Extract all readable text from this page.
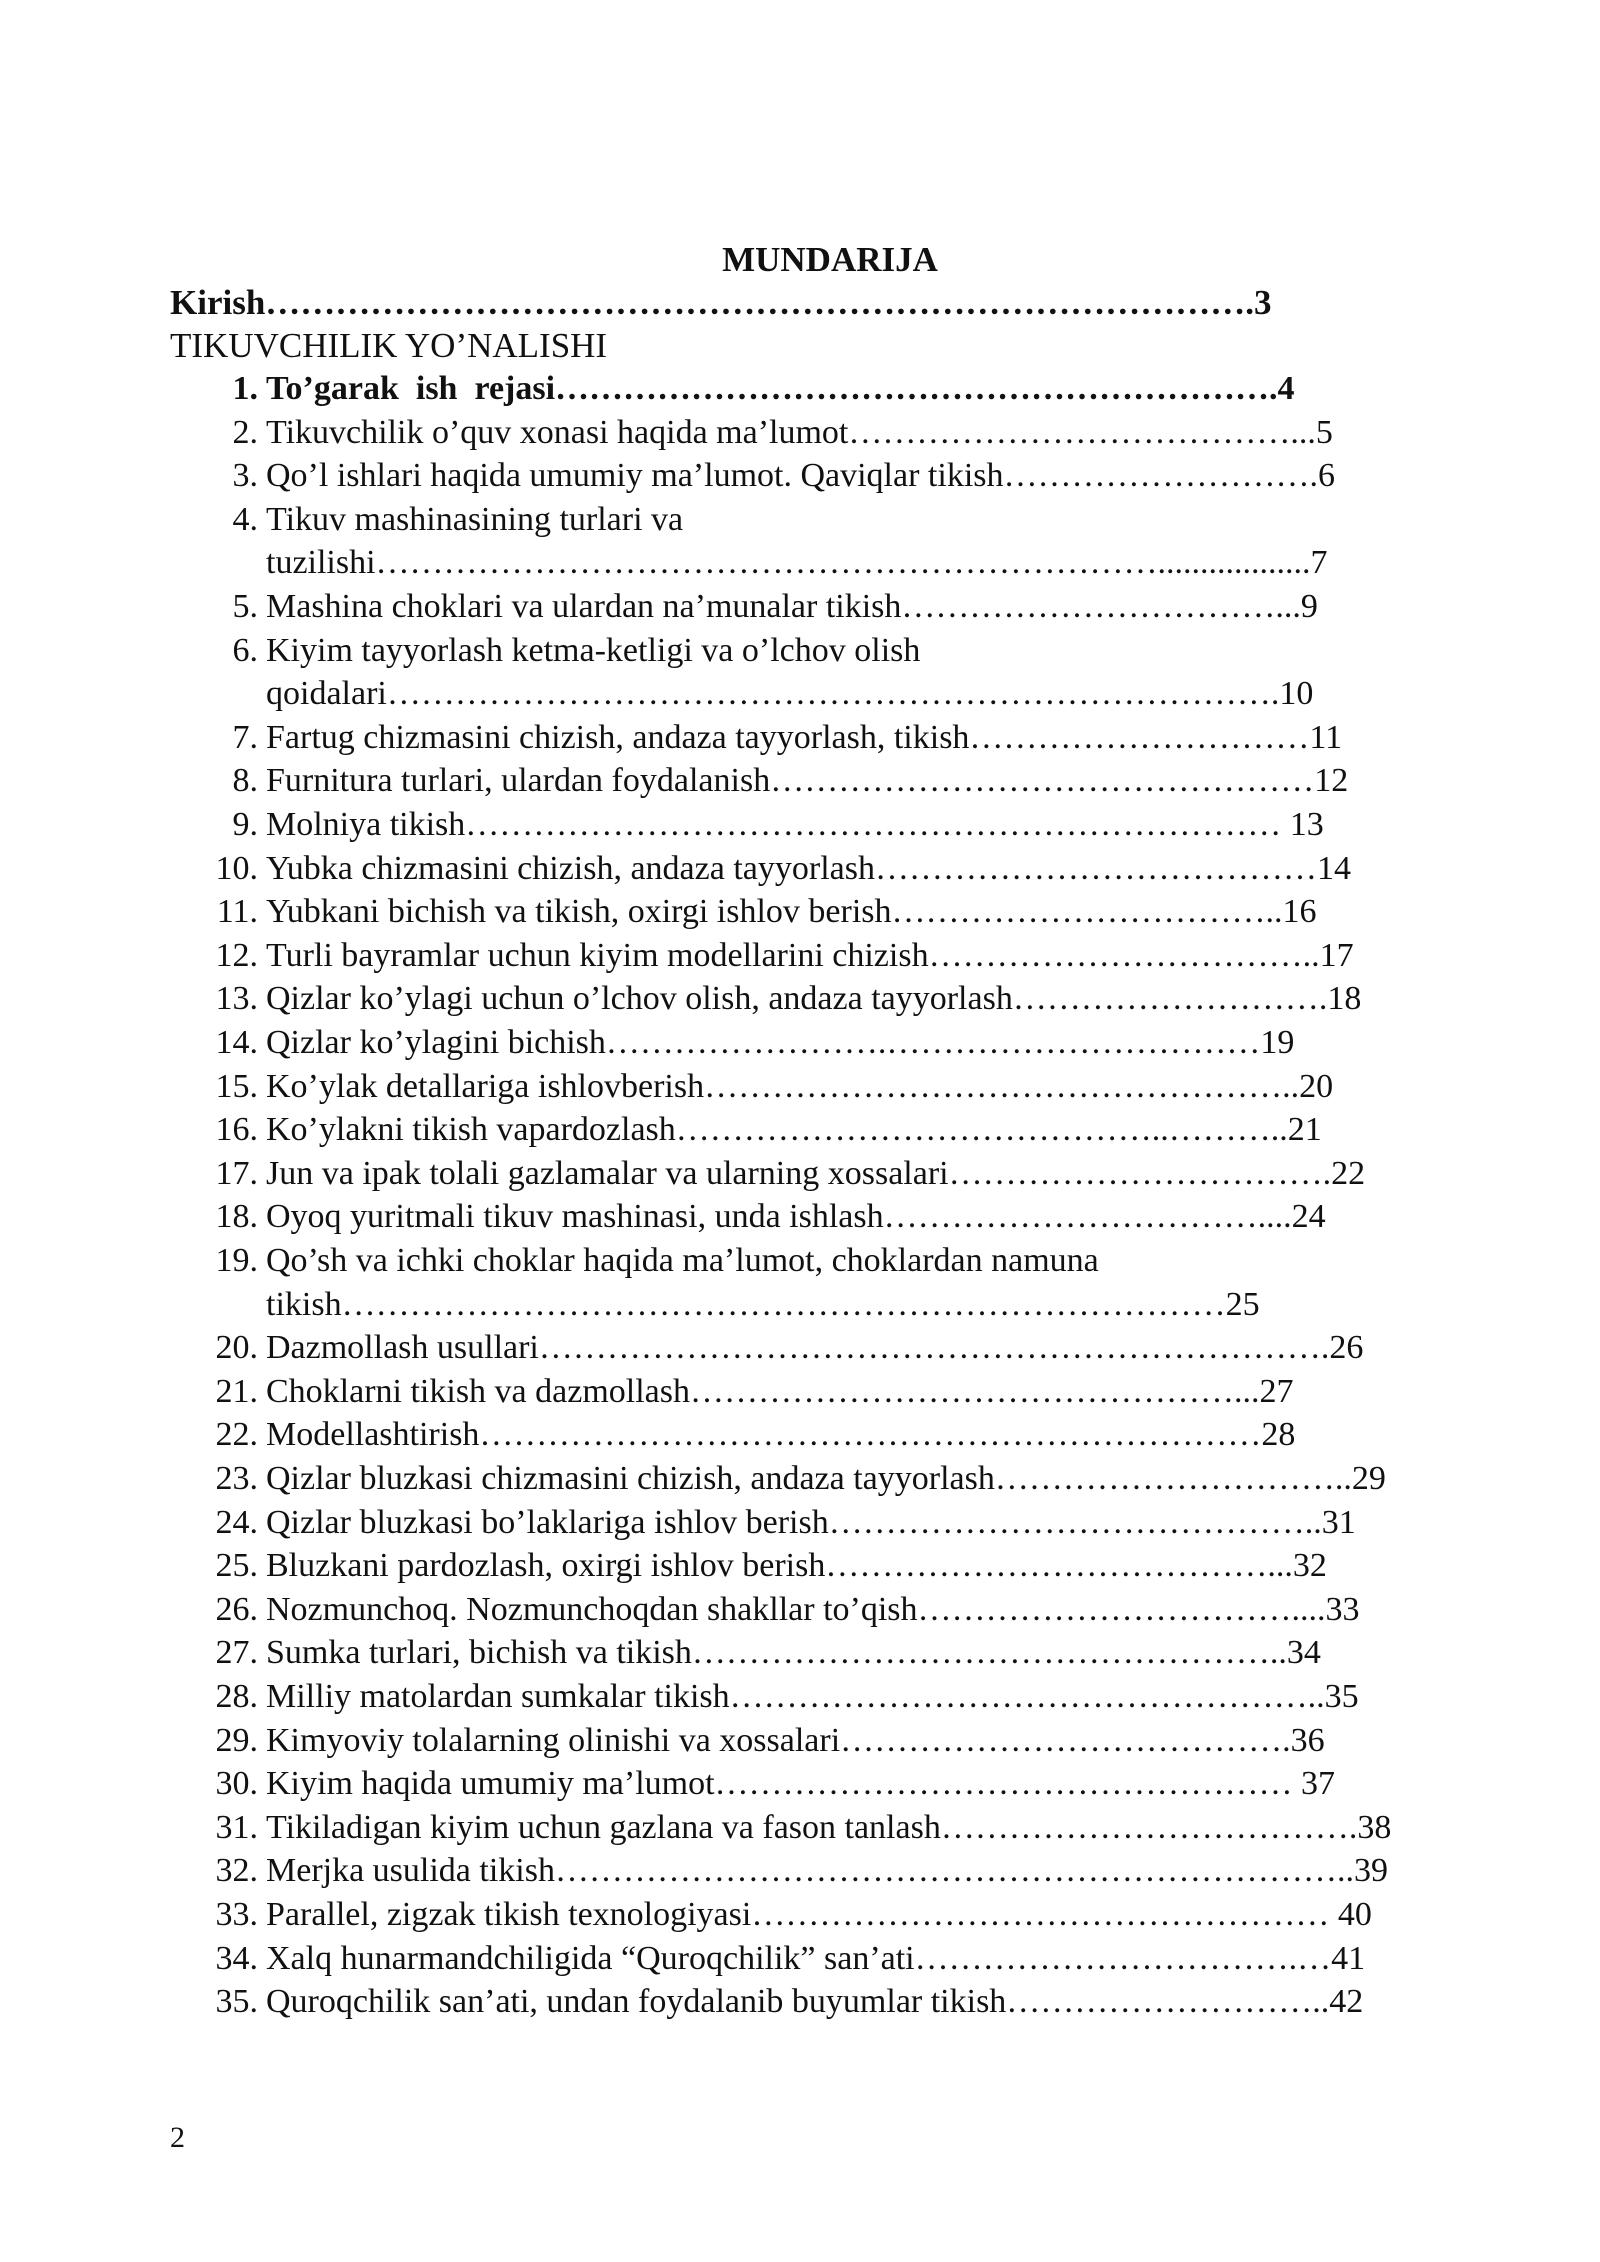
MUNDARIJA
Kirish………………………………………………………………………….3
TIKUVCHILIK YO’NALISHI
1. To’garak  ish  rejasi……………………………………………………….4
2. Tikuvchilik o’quv xonasi haqida ma’lumot…………………………………...5
3. Qo’l ishlari haqida umumiy ma’lumot. Qaviqlar tikish……………………….6
4. Tikuv mashinasining turlari va
tuzilishi……………………………………………………………..................7
5. Mashina choklari va ulardan na’munalar tikish……………………………...9
6. Kiyim tayyorlash ketma-ketligi va o’lchov olish
qoidalari…………………………………………………………………….10
7. Fartug chizmasini chizish, andaza tayyorlash, tikish…………………………11
8. Furnitura turlari, ulardan foydalanish…………………………………………12
9. Molniya tikish……………………………………………………………… 13
10. Yubka chizmasini chizish, andaza tayyorlash…………………………………14
11. Yubkani bichish va tikish, oxirgi ishlov berish……………………………..16
12. Turli bayramlar uchun kiyim modellarini chizish……………………………..17
13. Qizlar ko’ylagi uchun o’lchov olish, andaza tayyorlash……………………….18
14. Qizlar ko’ylagini bichish…………………….……………………………19
15. Ko’ylak detallariga ishlovberish……………………………………………..20
16. Ko’ylakni tikish vapardozlash……………………………………..………..21
17. Jun va ipak tolali gazlamalar va ularning xossalari…………………………….22
18. Oyoq yuritmali tikuv mashinasi, unda ishlash……………………………....24
19. Qo’sh va ichki choklar haqida ma’lumot, choklardan namuna
tikish……………………………………………………………………25
20. Dazmollash usullari…………………………………………………………….26
21. Choklarni tikish va dazmollash…………………………………………...27
22. Modellashtirish……………………………………………………………28
23. Qizlar bluzkasi chizmasini chizish, andaza tayyorlash…………………………..29
24. Qizlar bluzkasi bo’laklariga ishlov berish……………………………………..31
25. Bluzkani pardozlash, oxirgi ishlov berish…………………………………...32
26. Nozmunchoq. Nozmunchoqdan shakllar to’qish……………………………....33
27. Sumka turlari, bichish va tikish……………………………………………..34
28. Milliy matolardan sumkalar tikish……………………………………………..35
29. Kimyoviy tolalarning olinishi va xossalari………………………………….36
30. Kiyim haqida umumiy ma’lumot…………………………………………… 37
31. Tikiladigan kiyim uchun gazlana va fason tanlash……………………………….38
32. Merjka usulida tikish……………………………………………………………..39
33. Parallel, zigzak tikish texnologiyasi…………………………………………… 40
34. Xalq hunarmandchiligida “Quroqchilik” san’ati…………………………….…41
35. Quroqchilik san’ati, undan foydalanib buyumlar tikish………………………..42
2
